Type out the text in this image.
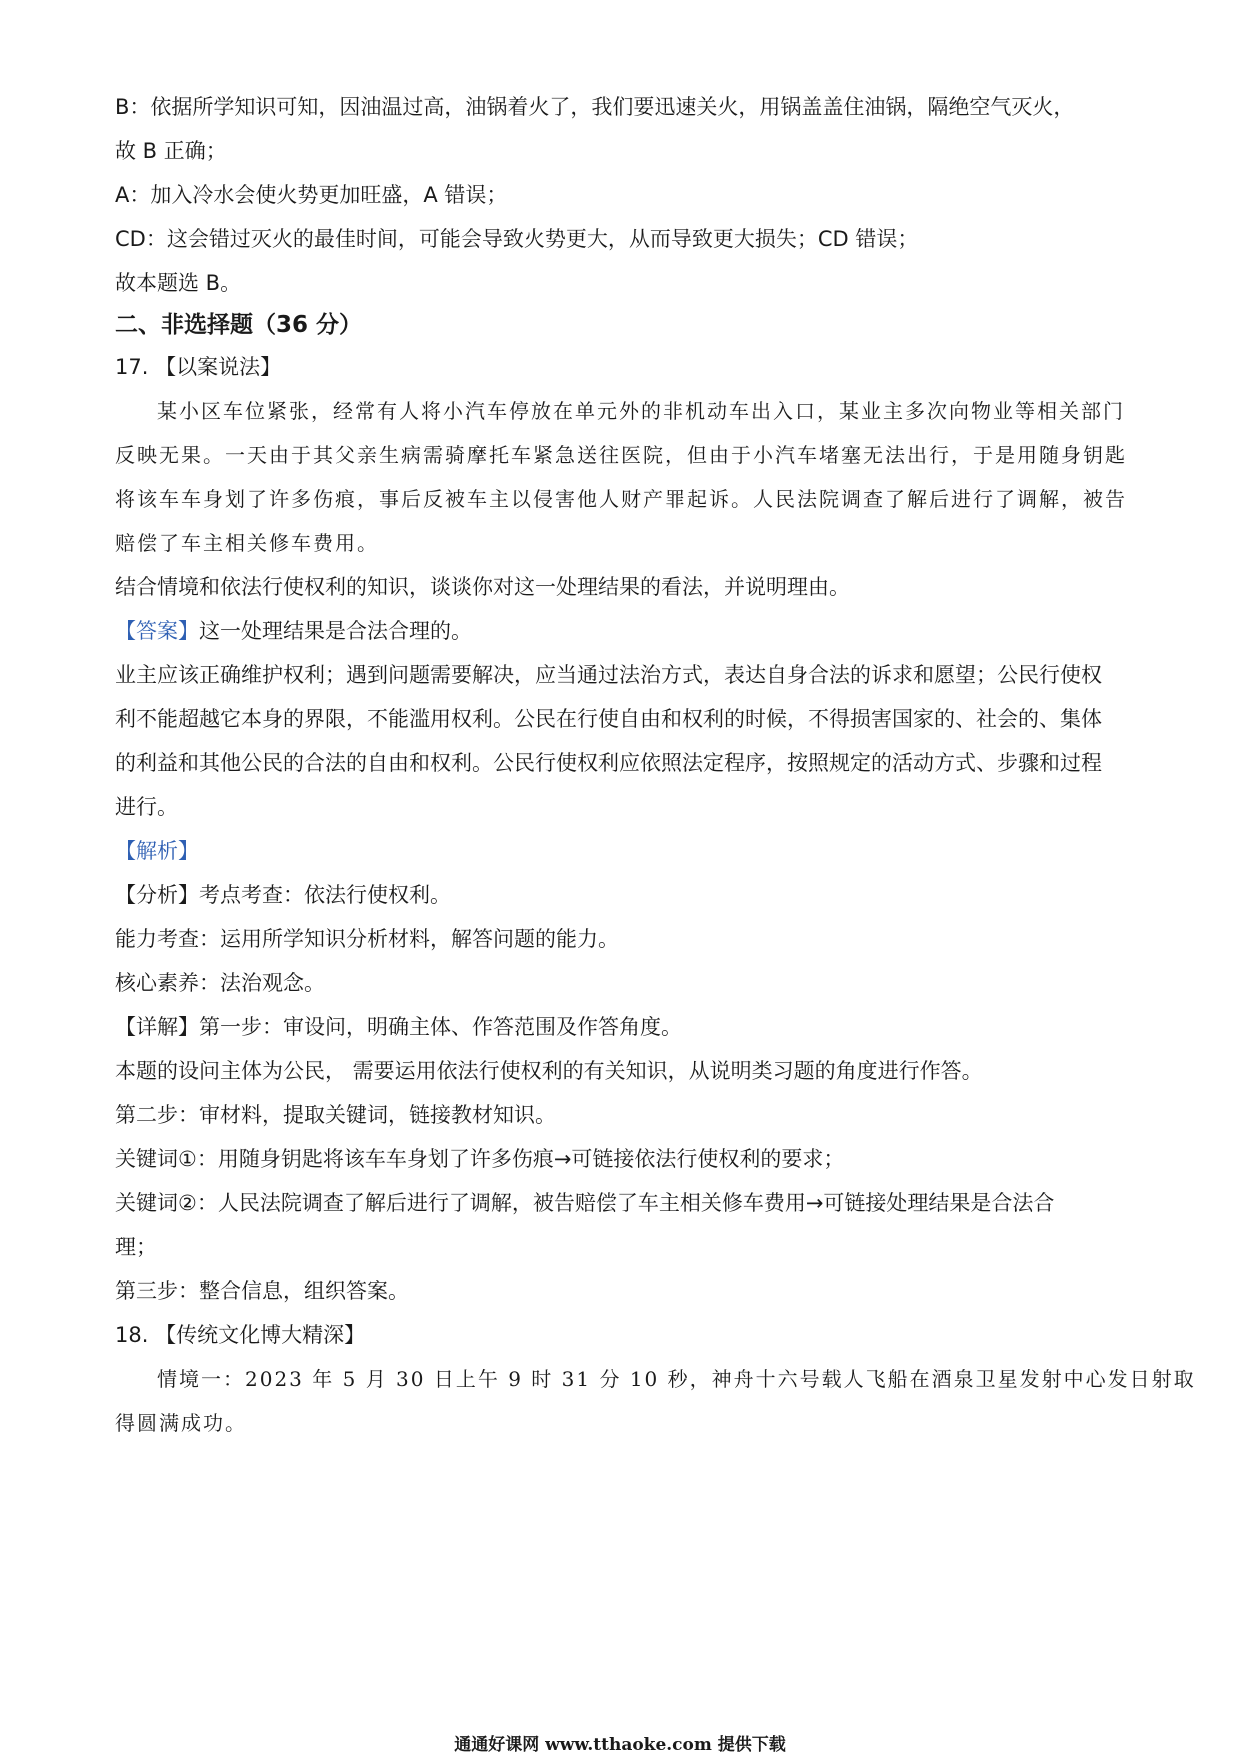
B：依据所学知识可知，因油温过高，油锅着火了，我们要迅速关火，用锅盖盖住油锅，隔绝空气灭火，
故 B 正确；
A：加入冷水会使火势更加旺盛，A 错误；
CD：这会错过灭火的最佳时间，可能会导致火势更大，从而导致更大损失；CD 错误；
故本题选 B。
二、非选择题（36 分）
17. 【以案说法】
某小区车位紧张，经常有人将小汽车停放在单元外的非机动车出入口，某业主多次向物业等相关部门
反映无果。一天由于其父亲生病需骑摩托车紧急送往医院，但由于小汽车堵塞无法出行，于是用随身钥匙
将该车车身划了许多伤痕，事后反被车主以侵害他人财产罪起诉。人民法院调查了解后进行了调解，被告
赔偿了车主相关修车费用。
结合情境和依法行使权利的知识，谈谈你对这一处理结果的看法，并说明理由。
【答案】这一处理结果是合法合理的。
业主应该正确维护权利；遇到问题需要解决，应当通过法治方式，表达自身合法的诉求和愿望；公民行使权
利不能超越它本身的界限，不能滥用权利。公民在行使自由和权利的时候，不得损害国家的、社会的、集体
的利益和其他公民的合法的自由和权利。公民行使权利应依照法定程序，按照规定的活动方式、步骤和过程
进行。
【解析】
【分析】考点考查：依法行使权利。
能力考查：运用所学知识分析材料，解答问题的能力。
核心素养：法治观念。
【详解】第一步：审设问，明确主体、作答范围及作答角度。
本题的设问主体为公民， 需要运用依法行使权利的有关知识，从说明类习题的角度进行作答。
第二步：审材料，提取关键词，链接教材知识。
关键词①：用随身钥匙将该车车身划了许多伤痕→可链接依法行使权利的要求；
关键词②：人民法院调查了解后进行了调解，被告赔偿了车主相关修车费用→可链接处理结果是合法合
理；
第三步：整合信息，组织答案。
18. 【传统文化博大精深】
情境一：2023 年 5 月 30 日上午 9 时 31 分 10 秒，神舟十六号载人飞船在酒泉卫星发射中心发日射取
得圆满成功。
通通好课网 www.tthaoke.com 提供下载
